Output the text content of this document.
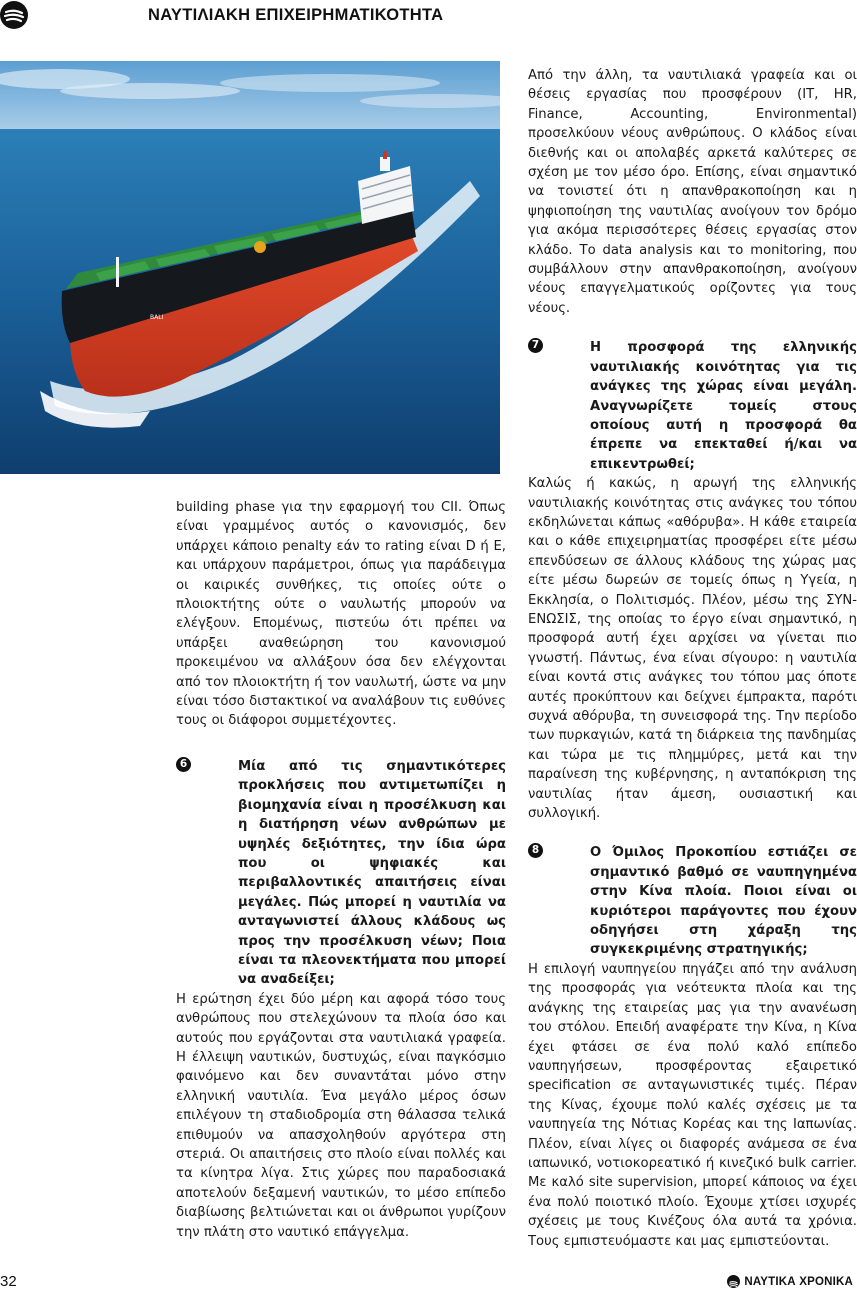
ΝΑΥΤΙΛΙΑΚΗ ΕΠΙΧΕΙΡΗΜΑΤΙΚΟΤΗΤΑ
BALI

building phase για την εφαρμογή του CII. Όπως είναι γραμμένος αυτός ο κανονισμός, δεν υπάρχει κάποιο penalty εάν το rating είναι D ή E, και υπάρχουν παράμετροι, όπως για παράδειγμα οι καιρικές συνθήκες, τις οποίες ούτε ο πλοιοκτήτης ούτε ο ναυλωτής μπορούν να ελέγξουν. Επομένως, πιστεύω ότι πρέπει να υπάρξει αναθεώρηση του κανονισμού προκειμένου να αλλάξουν όσα δεν ελέγχονται από τον πλοιοκτήτη ή τον ναυλωτή, ώστε να μην είναι τόσο διστακτικοί να αναλάβουν τις ευθύνες τους οι διάφοροι συμμετέχοντες.

6	Μία από τις σημαντικότερες προκλήσεις που αντιμετωπίζει η βιομηχανία είναι η προσέλκυση και η διατήρηση νέων ανθρώπων με υψηλές δεξιότητες, την ίδια ώρα που οι ψηφιακές και περιβαλλοντικές απαιτήσεις είναι μεγάλες. Πώς μπορεί η ναυτιλία να ανταγωνιστεί άλλους κλάδους ως προς την προσέλκυση νέων; Ποια είναι τα πλεονεκτήματα που μπορεί να αναδείξει;

Η ερώτηση έχει δύο μέρη και αφορά τόσο τους ανθρώπους που στελεχώνουν τα πλοία όσο και αυτούς που εργάζονται στα ναυτιλιακά γραφεία. Η έλλειψη ναυτικών, δυστυχώς, είναι παγκόσμιο φαινόμενο και δεν συναντάται μόνο στην ελληνική ναυτιλία. Ένα μεγάλο μέρος όσων επιλέγουν τη σταδιοδρομία στη θάλασσα τελικά επιθυμούν να απασχοληθούν αργότερα στη στεριά. Οι απαιτήσεις στο πλοίο είναι πολλές και τα κίνητρα λίγα. Στις χώρες που παραδοσιακά αποτελούν δεξαμενή ναυτικών, το μέσο επίπεδο διαβίωσης βελτιώνεται και οι άνθρωποι γυρίζουν την πλάτη στο ναυτικό επάγγελμα.

Από την άλλη, τα ναυτιλιακά γραφεία και οι θέσεις εργασίας που προσφέρουν (IT, HR, Finance, Accounting, Environmental) προσελκύουν νέους ανθρώπους. Ο κλάδος είναι διεθνής και οι απολαβές αρκετά καλύτερες σε σχέση με τον μέσο όρο. Επίσης, είναι σημαντικό να τονιστεί ότι η απανθρακοποίηση και η ψηφιοποίηση της ναυτιλίας ανοίγουν τον δρόμο για ακόμα περισσότερες θέσεις εργασίας στον κλάδο. Το data analysis και το monitoring, που συμβάλλουν στην απανθρακοποίηση, ανοίγουν νέους επαγγελματικούς ορίζοντες για τους νέους.

7	Η προσφορά της ελληνικής ναυτιλιακής κοινότητας για τις ανάγκες της χώρας είναι μεγάλη. Αναγνωρίζετε τομείς στους οποίους αυτή η προσφορά θα έπρεπε να επεκταθεί ή/και να επικεντρωθεί;

Καλώς ή κακώς, η αρωγή της ελληνικής ναυτιλιακής κοινότητας στις ανάγκες του τόπου εκδηλώνεται κάπως «αθόρυβα». Η κάθε εταιρεία και ο κάθε επιχειρηματίας προσφέρει είτε μέσω επενδύσεων σε άλλους κλάδους της χώρας μας είτε μέσω δωρεών σε τομείς όπως η Υγεία, η Εκκλησία, ο Πολιτισμός. Πλέον, μέσω της ΣΥΝ-ΕΝΩΣΙΣ, της οποίας το έργο είναι σημαντικό, η προσφορά αυτή έχει αρχίσει να γίνεται πιο γνωστή. Πάντως, ένα είναι σίγουρο: η ναυτιλία είναι κοντά στις ανάγκες του τόπου μας όποτε αυτές προκύπτουν και δείχνει έμπρακτα, παρότι συχνά αθόρυβα, τη συνεισφορά της. Την περίοδο των πυρκαγιών, κατά τη διάρκεια της πανδημίας και τώρα με τις πλημμύρες, μετά και την παραίνεση της κυβέρνησης, η ανταπόκριση της ναυτιλίας ήταν άμεση, ουσιαστική και συλλογική.

8	Ο Όμιλος Προκοπίου εστιάζει σε σημαντικό βαθμό σε ναυπηγημένα στην Κίνα πλοία. Ποιοι είναι οι κυριότεροι παράγοντες που έχουν οδηγήσει στη χάραξη της συγκεκριμένης στρατηγικής;

Η επιλογή ναυπηγείου πηγάζει από την ανάλυση της προσφοράς για νεότευκτα πλοία και της ανάγκης της εταιρείας μας για την ανανέωση του στόλου. Επειδή αναφέρατε την Κίνα, η Κίνα έχει φτάσει σε ένα πολύ καλό επίπεδο ναυπηγήσεων, προσφέροντας εξαιρετικό specification σε ανταγωνιστικές τιμές. Πέραν της Κίνας, έχουμε πολύ καλές σχέσεις με τα ναυπηγεία της Νότιας Κορέας και της Ιαπωνίας. Πλέον, είναι λίγες οι διαφορές ανάμεσα σε ένα ιαπωνικό, νοτιοκορεατικό ή κινεζικό bulk carrier. Με καλό site supervision, μπορεί κάποιος να έχει ένα πολύ ποιοτικό πλοίο. Έχουμε χτίσει ισχυρές σχέσεις με τους Κινέζους όλα αυτά τα χρόνια. Τους εμπιστευόμαστε και μας εμπιστεύονται.

32	ΝΑΥΤΙΚΑ ΧΡΟΝΙΚΑ
